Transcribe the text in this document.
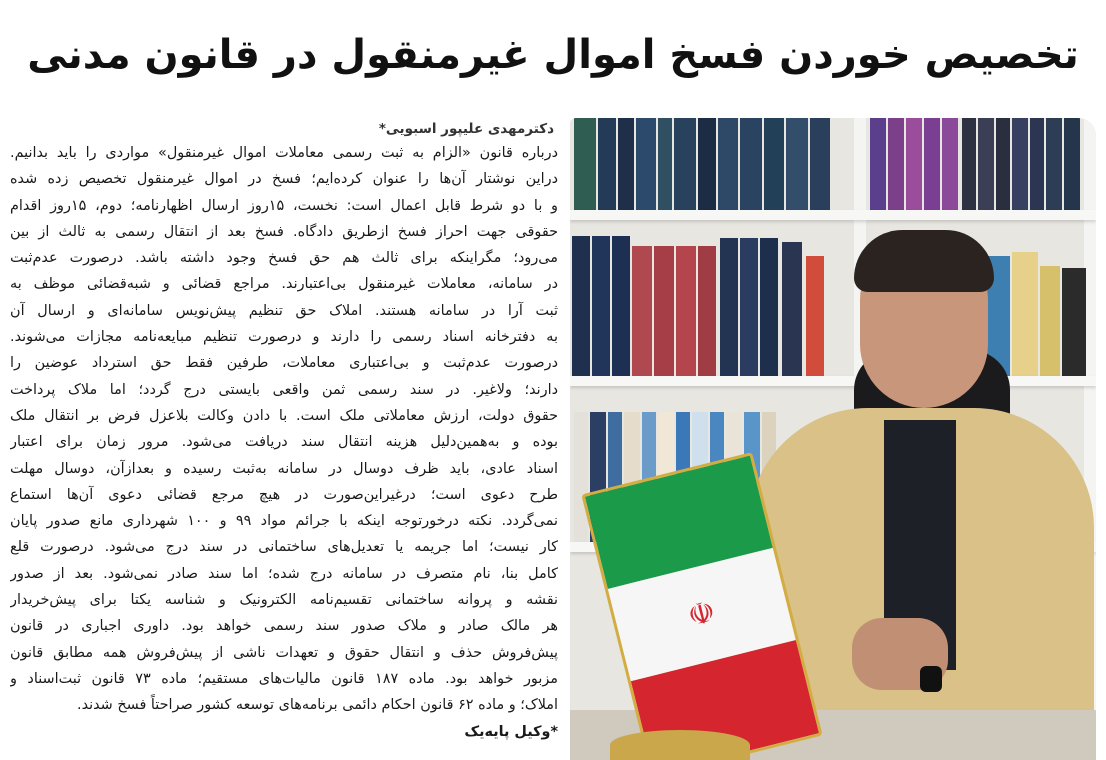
تخصیص خوردن فسخ اموال غیرمنقول در قانون مدنی
دکترمهدی علیپور اسبویی*
درباره قانون «الزام به ثبت رسمی معاملات اموال غیرمنقول» مواردی را باید بدانیم.
دراین نوشتار آن‌ها را عنوان کرده‌ایم؛ فسخ در اموال غیرمنقول تخصیص زده شده
و با دو شرط قابل اعمال است: نخست، ۱۵روز ارسال اظهارنامه؛ دوم، ۱۵روز اقدام
حقوقی جهت احراز فسخ ازطریق دادگاه. فسخ بعد از انتقال رسمی به ثالث از بین
می‌رود؛ مگراینکه برای ثالث هم حق فسخ وجود داشته باشد. درصورت عدم‌ثبت
در سامانه، معاملات غیرمنقول بی‌اعتبارند. مراجع قضائی و شبه‌قضائی موظف به
ثبت آرا در سامانه هستند. املاک حق تنظیم پیش‌نویس سامانه‌ای و ارسال آن
به دفترخانه اسناد رسمی را دارند و درصورت تنظیم مبایعه‌نامه مجازات می‌شوند.
درصورت عدم‌ثبت و بی‌اعتباری معاملات، طرفین فقط حق استرداد عوضین را
دارند؛ ولاغیر. در سند رسمی ثمن واقعی بایستی درج گردد؛ اما ملاک پرداخت
حقوق دولت، ارزش معاملاتی ملک است. با دادن وکالت بلاعزل فرض بر انتقال ملک
بوده و به‌همین‌دلیل هزینه انتقال سند دریافت می‌شود. مرور زمان برای اعتبار
اسناد عادی، باید ظرف دوسال در سامانه به‌ثبت رسیده و بعدازآن، دوسال مهلت
طرح دعوی است؛ درغیراین‌صورت در هیچ مرجع قضائی دعوی آن‌ها استماع
نمی‌گردد. نکته درخورتوجه اینکه با جرائم مواد ۹۹ و ۱۰۰ شهرداری مانع صدور پایان
کار نیست؛ اما جریمه یا تعدیل‌های ساختمانی در سند درج می‌شود. درصورت قلع
کامل بنا، نام متصرف در سامانه درج شده؛ اما سند صادر نمی‌شود. بعد از صدور
نقشه و پروانه ساختمانی تقسیم‌نامه الکترونیک و شناسه یکتا برای پیش‌خریدار
هر مالک صادر و ملاک صدور سند رسمی خواهد بود. داوری اجباری در قانون
پیش‌فروش حذف و انتقال حقوق و تعهدات ناشی از پیش‌فروش همه مطابق قانون
مزبور خواهد بود. ماده ۱۸۷ قانون مالیات‌های مستقیم؛ ماده ۷۳ قانون ثبت‌اسناد و
املاک؛ و ماده ۶۲ قانون احکام دائمی برنامه‌های توسعه کشور صراحتاً فسخ شدند.
*وکیل پایه‌یک
☫
